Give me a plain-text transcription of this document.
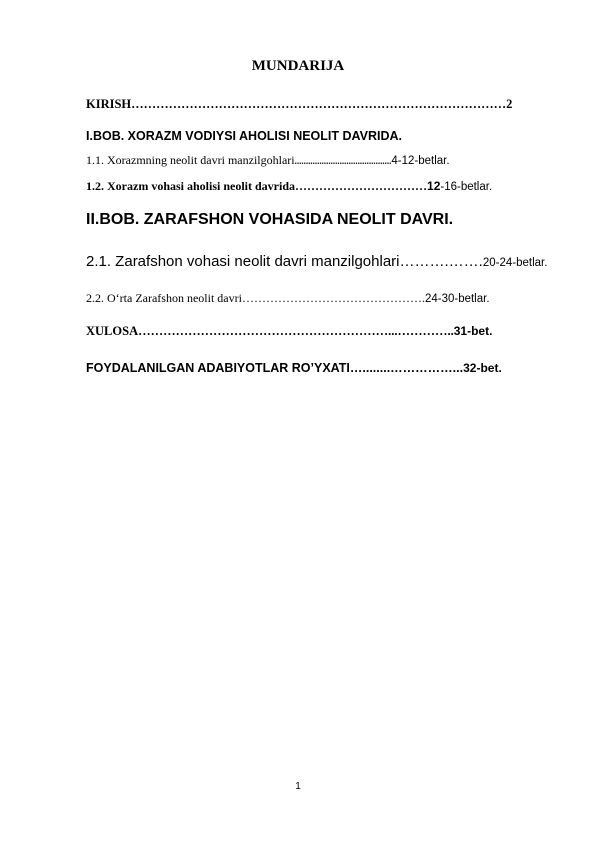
MUNDARIJA
KIRISH………………………………………………………………………………2
I.BOB. XORAZM VODIYSI AHOLISI NEOLIT DAVRIDA.
1.1. Xorazmning neolit davri manzilgohlari...........................................4-12-betlar.
1.2. Xorazm vohasi aholisi neolit davrida……………………………12-16-betlar.
II.BOB. ZARAFSHON VOHASIDA NEOLIT DAVRI.
2.1. Zarafshon vohasi neolit davri manzilgohlari……….…….20-24-betlar.
2.2. O‘rta Zarafshon neolit davri……………………………………….24-30-betlar.
XULOSA……………………………………………………...…………..31-bet.
FOYDALANILGAN ADABIYOTLAR RO’YXATI…........……………...32-bet.
1
